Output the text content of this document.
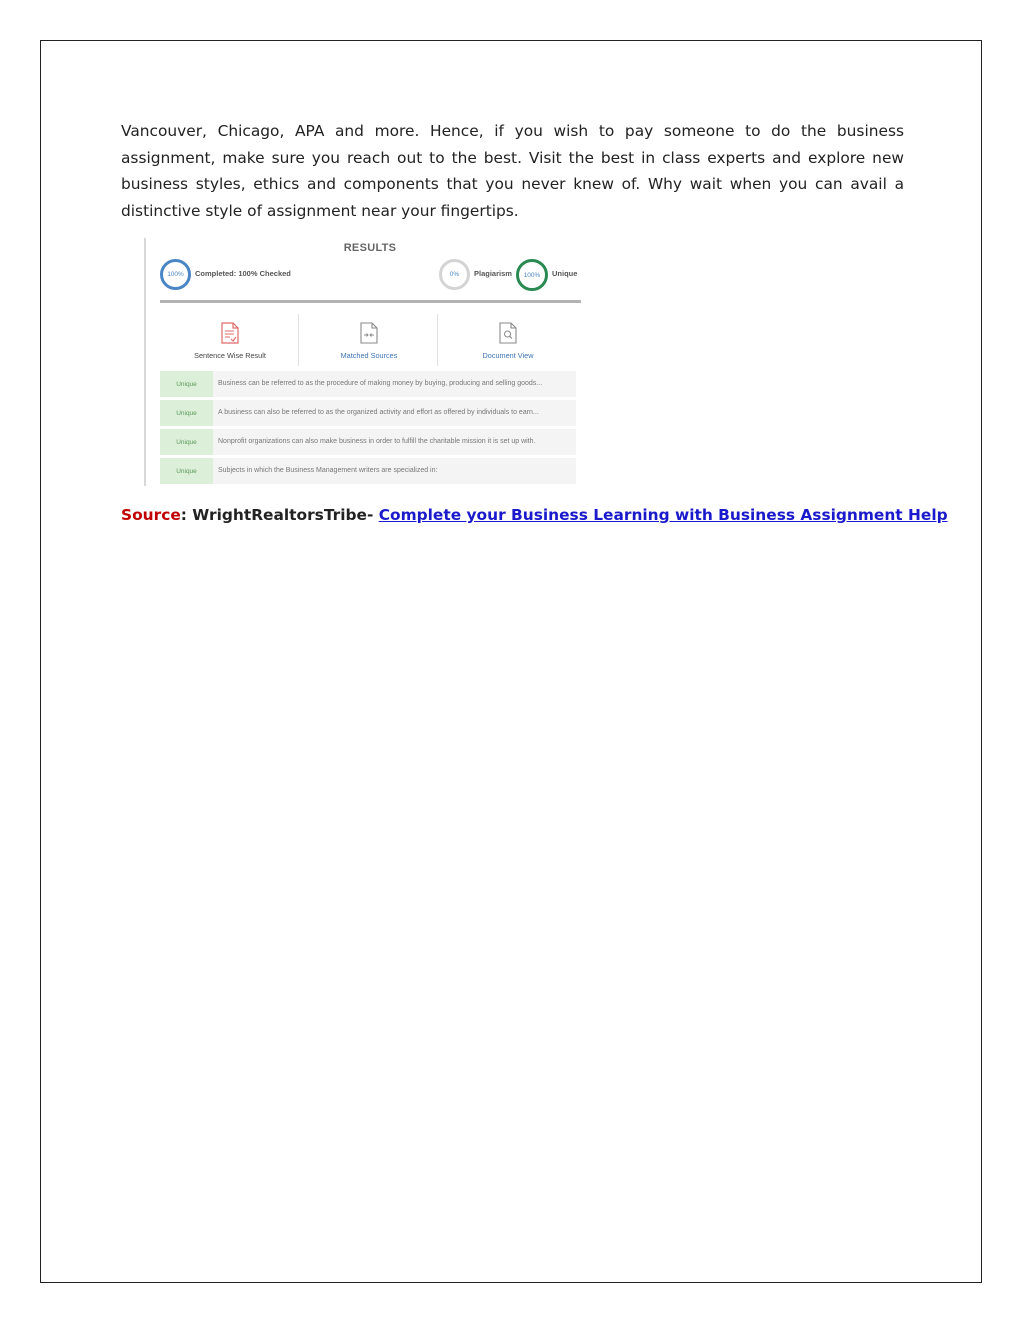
Vancouver, Chicago, APA and more. Hence, if you wish to pay someone to do the business assignment, make sure you reach out to the best. Visit the best in class experts and explore new business styles, ethics and components that you never knew of. Why wait when you can avail a distinctive style of assignment near your fingertips.

RESULTS
100% Completed: 100% Checked	0% Plagiarism 100% Unique
Sentence Wise Result	Matched Sources	Document View
Unique	Business can be referred to as the procedure of making money by buying, producing and selling goods...
Unique	A business can also be referred to as the organized activity and effort as offered by individuals to earn...
Unique	Nonprofit organizations can also make business in order to fulfill the charitable mission it is set up with.
Unique	Subjects in which the Business Management writers are specialized in:
Source: WrightRealtorsTribe- Complete your Business Learning with Business Assignment Help
